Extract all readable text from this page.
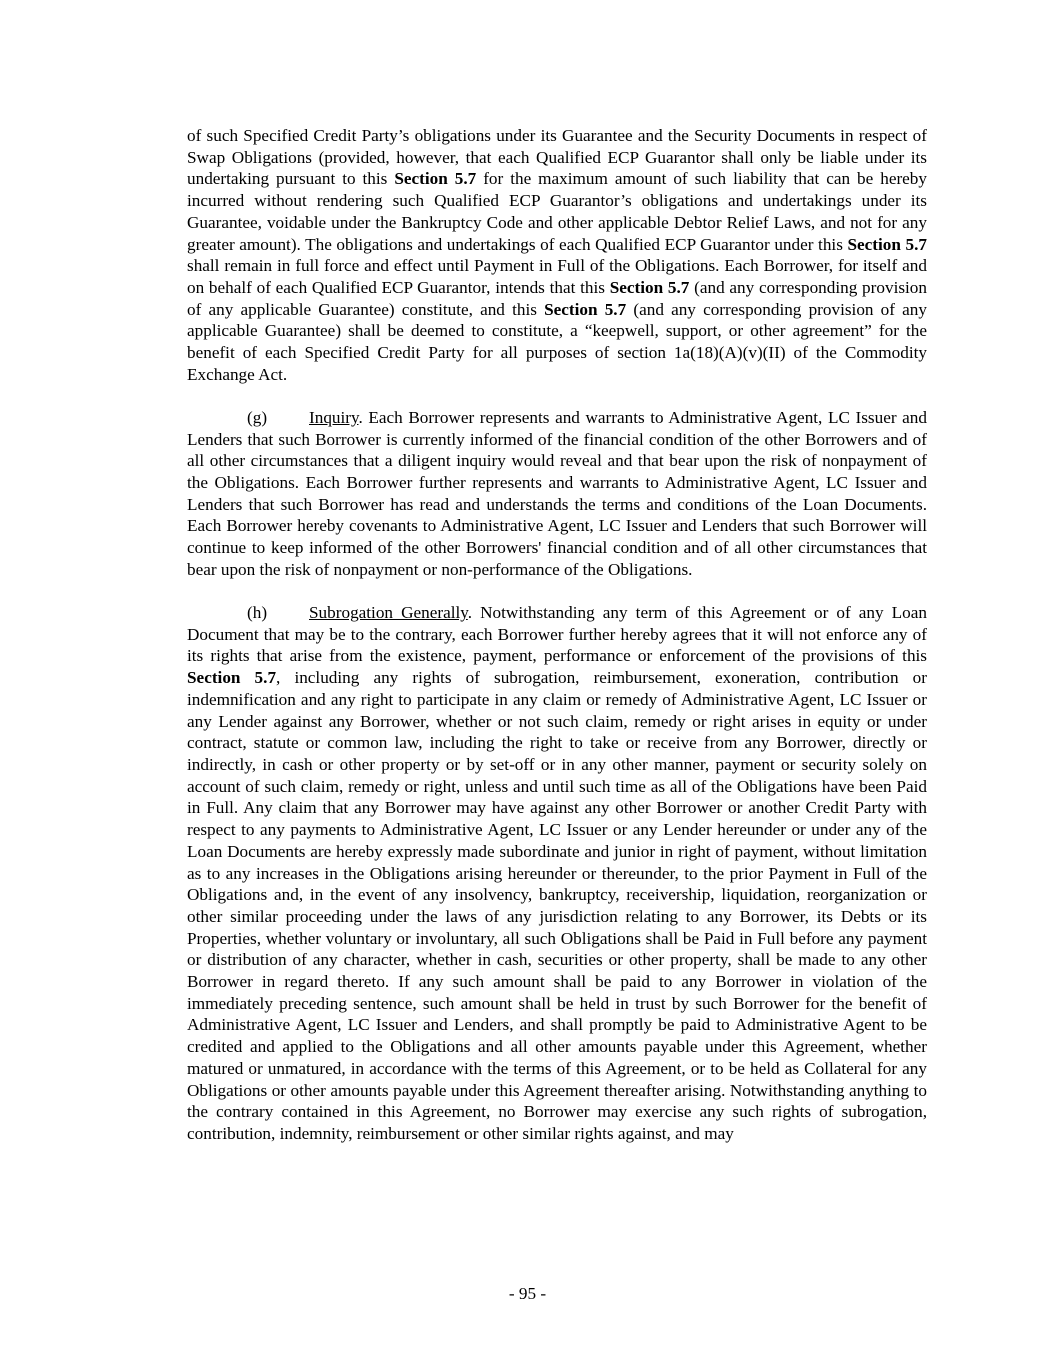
of such Specified Credit Party’s obligations under its Guarantee and the Security Documents in respect of Swap Obligations (provided, however, that each Qualified ECP Guarantor shall only be liable under its undertaking pursuant to this Section 5.7 for the maximum amount of such liability that can be hereby incurred without rendering such Qualified ECP Guarantor’s obligations and undertakings under its Guarantee, voidable under the Bankruptcy Code and other applicable Debtor Relief Laws, and not for any greater amount). The obligations and undertakings of each Qualified ECP Guarantor under this Section 5.7 shall remain in full force and effect until Payment in Full of the Obligations. Each Borrower, for itself and on behalf of each Qualified ECP Guarantor, intends that this Section 5.7 (and any corresponding provision of any applicable Guarantee) constitute, and this Section 5.7 (and any corresponding provision of any applicable Guarantee) shall be deemed to constitute, a “keepwell, support, or other agreement” for the benefit of each Specified Credit Party for all purposes of section 1a(18)(A)(v)(II) of the Commodity Exchange Act.

(g) Inquiry. Each Borrower represents and warrants to Administrative Agent, LC Issuer and Lenders that such Borrower is currently informed of the financial condition of the other Borrowers and of all other circumstances that a diligent inquiry would reveal and that bear upon the risk of nonpayment of the Obligations. Each Borrower further represents and warrants to Administrative Agent, LC Issuer and Lenders that such Borrower has read and understands the terms and conditions of the Loan Documents. Each Borrower hereby covenants to Administrative Agent, LC Issuer and Lenders that such Borrower will continue to keep informed of the other Borrowers' financial condition and of all other circumstances that bear upon the risk of nonpayment or non-performance of the Obligations.

(h) Subrogation Generally. Notwithstanding any term of this Agreement or of any Loan Document that may be to the contrary, each Borrower further hereby agrees that it will not enforce any of its rights that arise from the existence, payment, performance or enforcement of the provisions of this Section 5.7, including any rights of subrogation, reimbursement, exoneration, contribution or indemnification and any right to participate in any claim or remedy of Administrative Agent, LC Issuer or any Lender against any Borrower, whether or not such claim, remedy or right arises in equity or under contract, statute or common law, including the right to take or receive from any Borrower, directly or indirectly, in cash or other property or by set-off or in any other manner, payment or security solely on account of such claim, remedy or right, unless and until such time as all of the Obligations have been Paid in Full. Any claim that any Borrower may have against any other Borrower or another Credit Party with respect to any payments to Administrative Agent, LC Issuer or any Lender hereunder or under any of the Loan Documents are hereby expressly made subordinate and junior in right of payment, without limitation as to any increases in the Obligations arising hereunder or thereunder, to the prior Payment in Full of the Obligations and, in the event of any insolvency, bankruptcy, receivership, liquidation, reorganization or other similar proceeding under the laws of any jurisdiction relating to any Borrower, its Debts or its Properties, whether voluntary or involuntary, all such Obligations shall be Paid in Full before any payment or distribution of any character, whether in cash, securities or other property, shall be made to any other Borrower in regard thereto. If any such amount shall be paid to any Borrower in violation of the immediately preceding sentence, such amount shall be held in trust by such Borrower for the benefit of Administrative Agent, LC Issuer and Lenders, and shall promptly be paid to Administrative Agent to be credited and applied to the Obligations and all other amounts payable under this Agreement, whether matured or unmatured, in accordance with the terms of this Agreement, or to be held as Collateral for any Obligations or other amounts payable under this Agreement thereafter arising. Notwithstanding anything to the contrary contained in this Agreement, no Borrower may exercise any such rights of subrogation, contribution, indemnity, reimbursement or other similar rights against, and may

- 95 -
